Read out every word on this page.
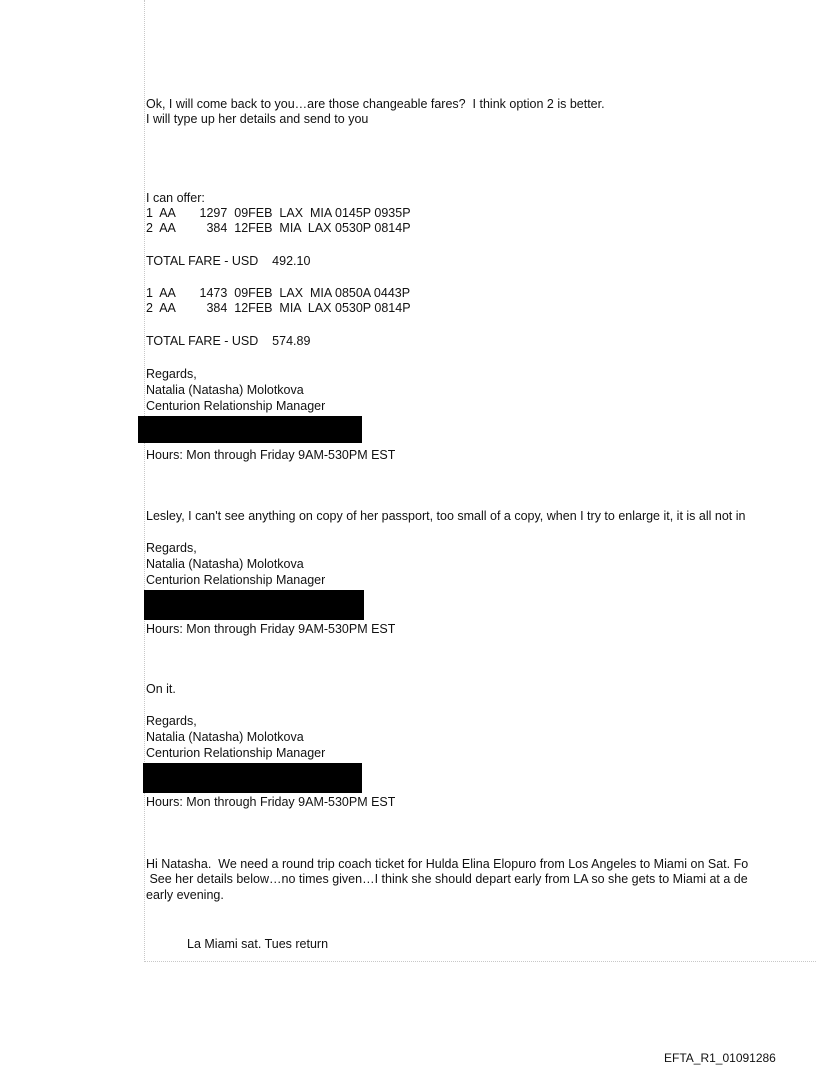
Ok, I will come back to you…are those changeable fares?  I think option 2 is better.
I will type up her details and send to you
I can offer:
1  AA       1297  09FEB  LAX  MIA 0145P 0935P
2  AA         384  12FEB  MIA  LAX 0530P 0814P
TOTAL FARE - USD    492.10
1  AA       1473  09FEB  LAX  MIA 0850A 0443P
2  AA         384  12FEB  MIA  LAX 0530P 0814P
TOTAL FARE - USD    574.89
Regards,
Natalia (Natasha) Molotkova
Centurion Relationship Manager
Hours: Mon through Friday 9AM-530PM EST
Lesley, I can't see anything on copy of her passport, too small of a copy, when I try to enlarge it, it is all not in
Regards,
Natalia (Natasha) Molotkova
Centurion Relationship Manager
Hours: Mon through Friday 9AM-530PM EST
On it.
Regards,
Natalia (Natasha) Molotkova
Centurion Relationship Manager
Hours: Mon through Friday 9AM-530PM EST
Hi Natasha.  We need a round trip coach ticket for Hulda Elina Elopuro from Los Angeles to Miami on Sat. Fo
See her details below…no times given…I think she should depart early from LA so she gets to Miami at a de
early evening.
La Miami sat. Tues return
EFTA_R1_01091286
